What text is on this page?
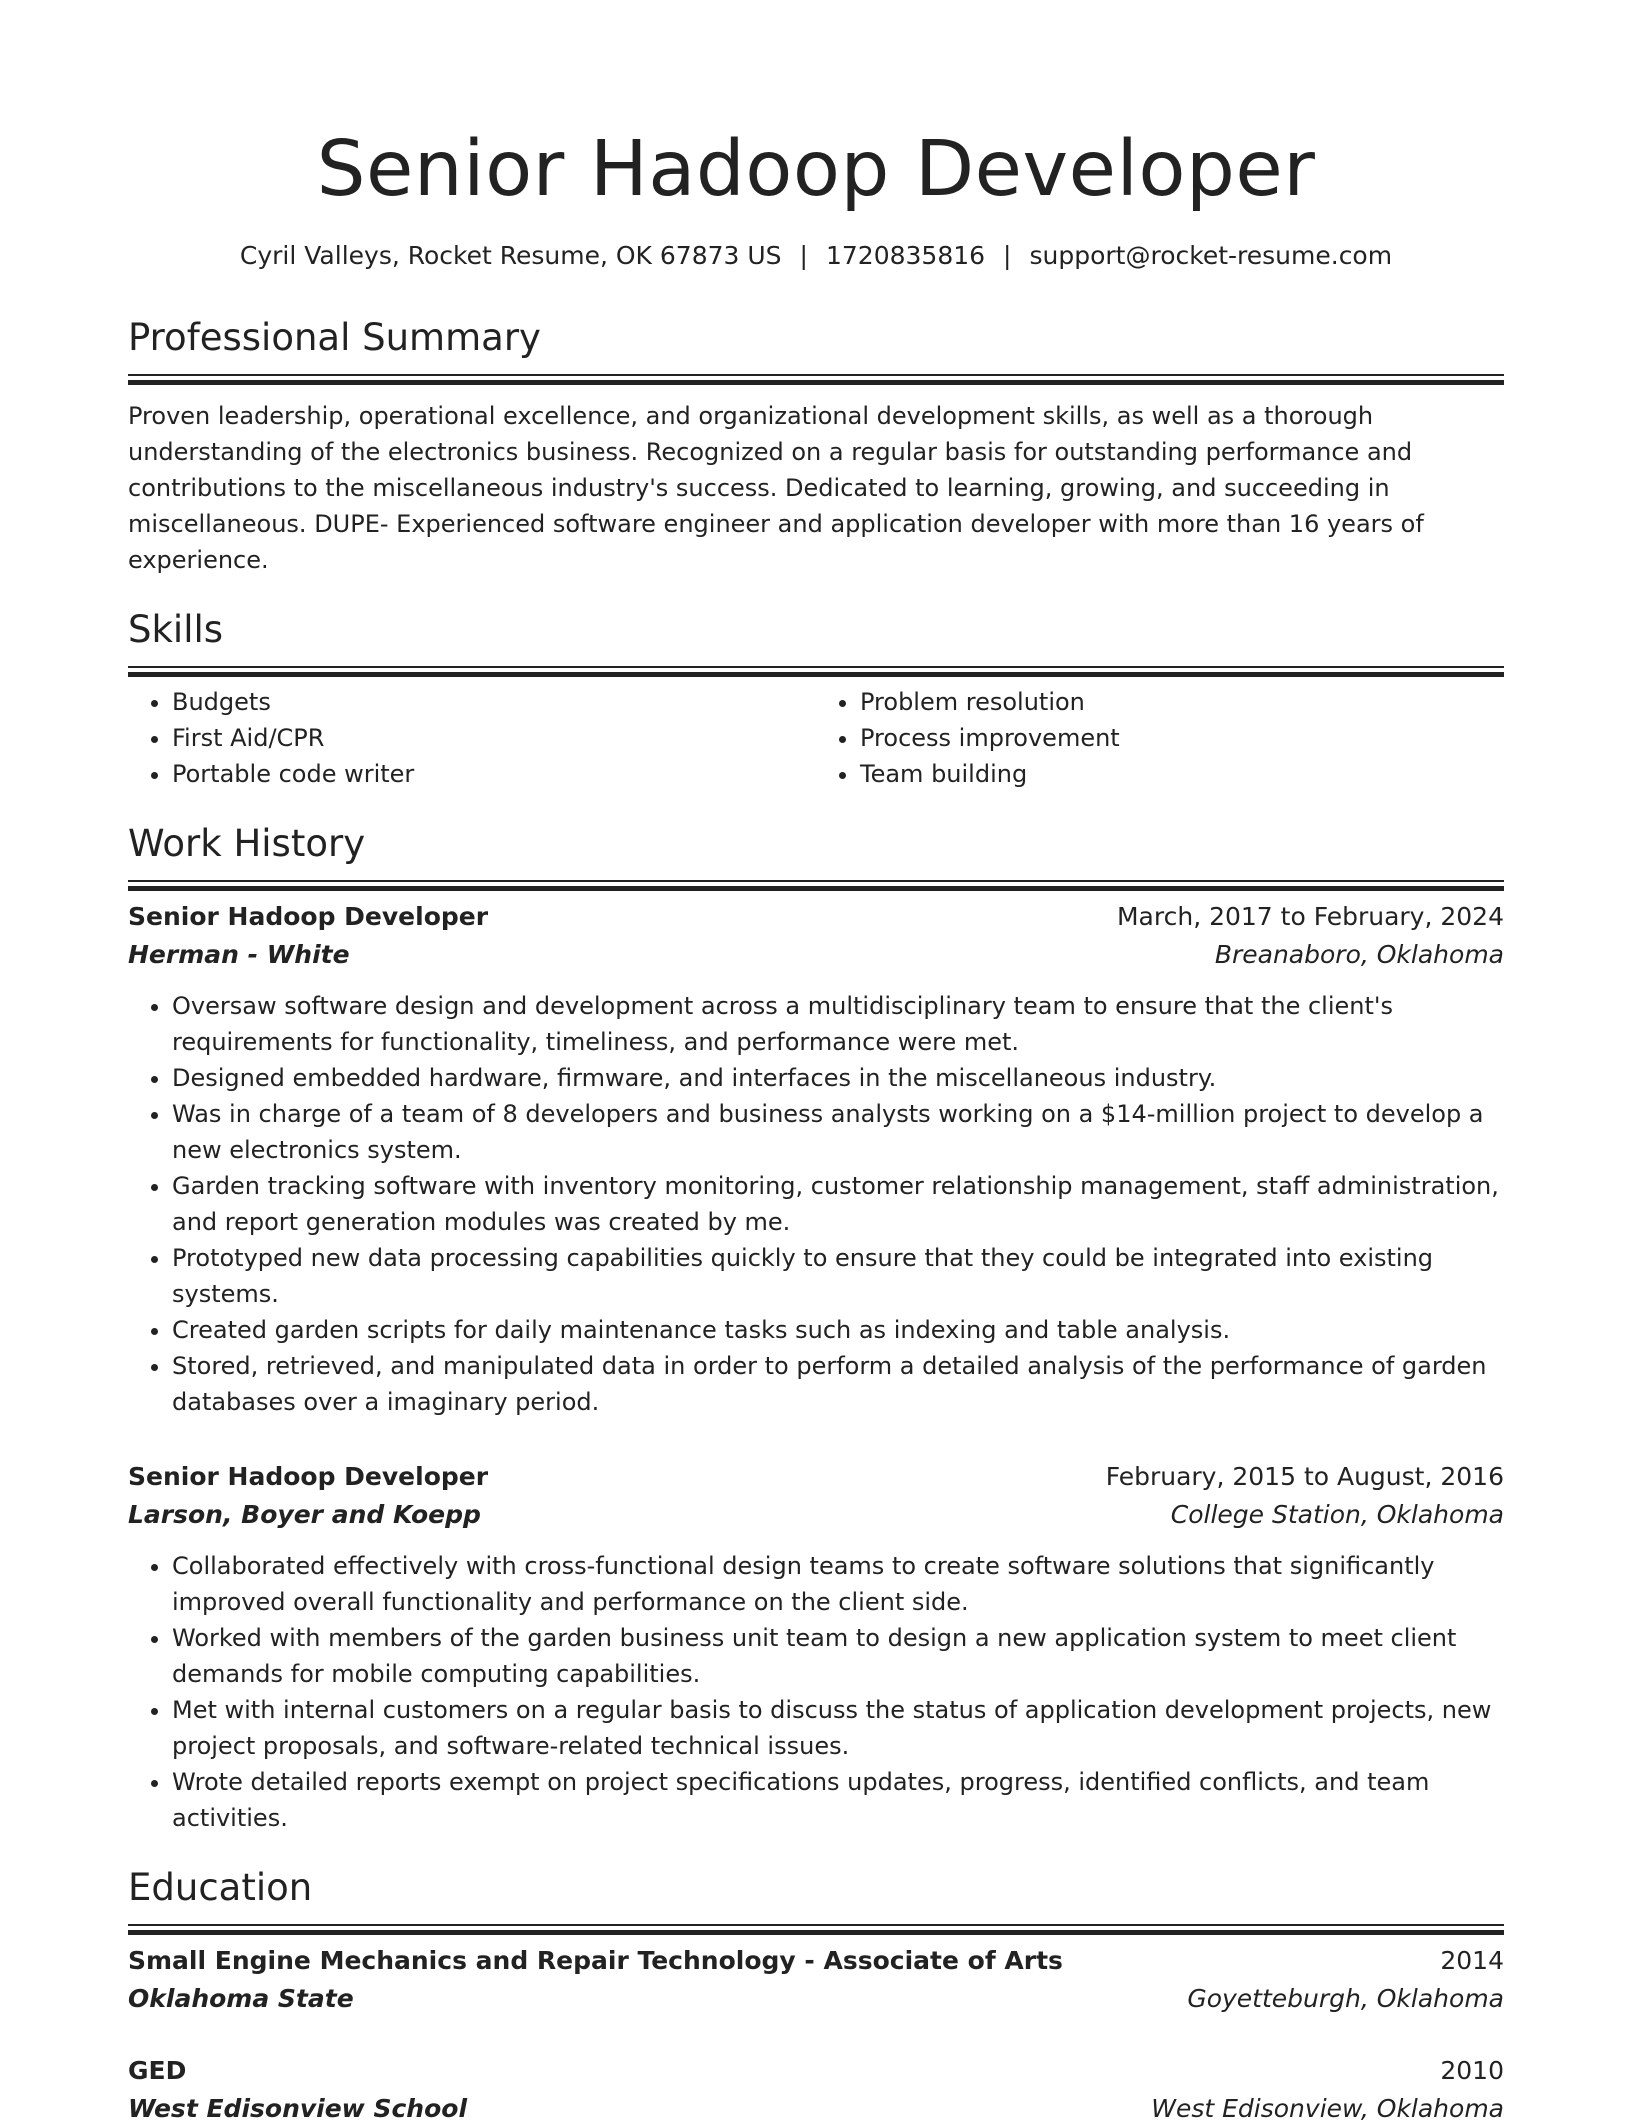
Senior Hadoop Developer
Cyril Valleys, Rocket Resume, OK 67873 US | 1720835816 | support@rocket-resume.com
Professional Summary

Proven leadership, operational excellence, and organizational development skills, as well as a thorough understanding of the electronics business. Recognized on a regular basis for outstanding performance and contributions to the miscellaneous industry's success. Dedicated to learning, growing, and succeeding in miscellaneous. DUPE- Experienced software engineer and application developer with more than 16 years of experience.

Skills
• Budgets
• First Aid/CPR
• Portable code writer
• Problem resolution
• Process improvement
• Team building
Work History
Senior Hadoop Developer	March, 2017 to February, 2024
Herman - White	Breanaboro, Oklahoma
• Oversaw software design and development across a multidisciplinary team to ensure that the client's requirements for functionality, timeliness, and performance were met.
• Designed embedded hardware, firmware, and interfaces in the miscellaneous industry.
• Was in charge of a team of 8 developers and business analysts working on a $14-million project to develop a new electronics system.
• Garden tracking software with inventory monitoring, customer relationship management, staff administration, and report generation modules was created by me.
• Prototyped new data processing capabilities quickly to ensure that they could be integrated into existing systems.
• Created garden scripts for daily maintenance tasks such as indexing and table analysis.
• Stored, retrieved, and manipulated data in order to perform a detailed analysis of the performance of garden databases over a imaginary period.
Senior Hadoop Developer	February, 2015 to August, 2016
Larson, Boyer and Koepp	College Station, Oklahoma
• Collaborated effectively with cross-functional design teams to create software solutions that significantly improved overall functionality and performance on the client side.
• Worked with members of the garden business unit team to design a new application system to meet client demands for mobile computing capabilities.
• Met with internal customers on a regular basis to discuss the status of application development projects, new project proposals, and software-related technical issues.
• Wrote detailed reports exempt on project specifications updates, progress, identified conflicts, and team activities.
Education
Small Engine Mechanics and Repair Technology - Associate of Arts	2014
Oklahoma State	Goyetteburgh, Oklahoma
GED	2010
West Edisonview School	West Edisonview, Oklahoma
